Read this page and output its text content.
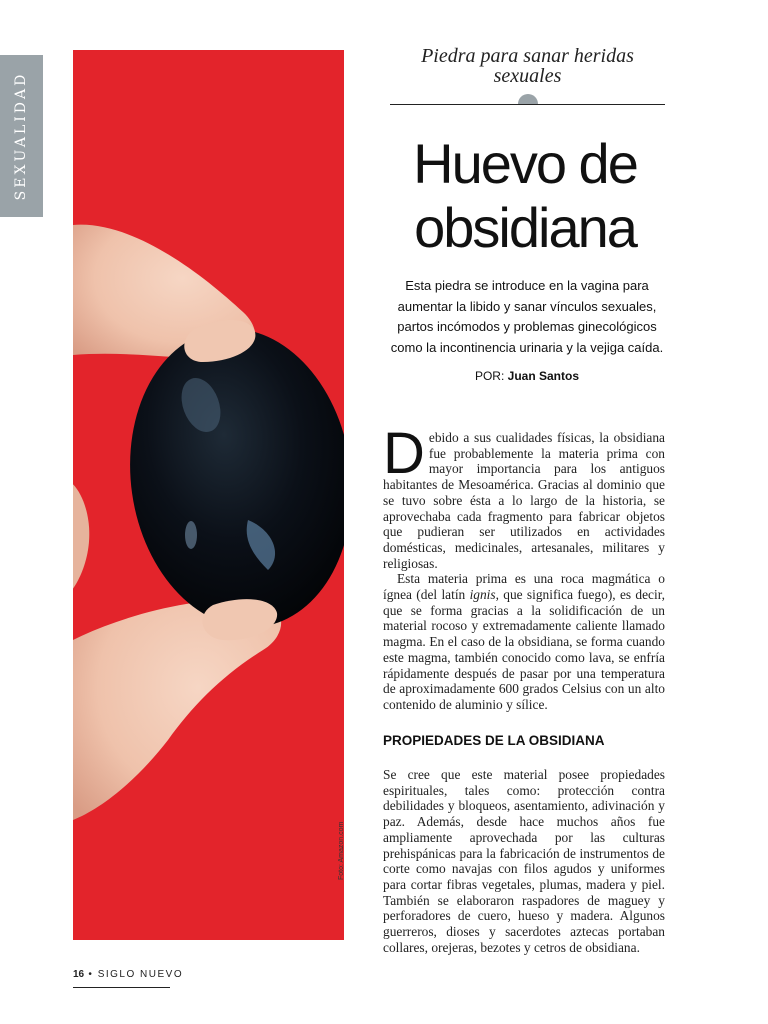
SEXUALIDAD
Foto: Amazon.com
Piedra para sanar heridas sexuales
Huevo de
obsidiana
Esta piedra se introduce en la vagina para aumentar la libido y sanar vínculos sexuales, partos incómodos y problemas ginecológicos como la incontinencia urinaria y la vejiga caída.
POR: Juan Santos

Debido a sus cualidades físicas, la obsidiana fue probablemente la materia prima con mayor importancia para los antiguos habitantes de Mesoamérica. Gracias al dominio que se tuvo sobre ésta a lo largo de la historia, se aprovechaba cada fragmento para fabricar objetos que pudieran ser utilizados en actividades domésticas, medicinales, artesanales, militares y religiosas.

Esta materia prima es una roca magmática o ígnea (del latín ignis, que significa fuego), es decir, que se forma gracias a la solidificación de un material rocoso y extremadamente caliente llamado magma. En el caso de la obsidiana, se forma cuando este magma, también conocido como lava, se enfría rápidamente después de pasar por una temperatura de aproximadamente 600 grados Celsius con un alto contenido de aluminio y sílice.

PROPIEDADES DE LA OBSIDIANA

Se cree que este material posee propiedades espirituales, tales como: protección contra debilidades y bloqueos, asentamiento, adivinación y paz. Además, desde hace muchos años fue ampliamente aprovechada por las culturas prehispánicas para la fabricación de instrumentos de corte como navajas con filos agudos y uniformes para cortar fibras vegetales, plumas, madera y piel. También se elaboraron raspadores de maguey y perforadores de cuero, hueso y madera. Algunos guerreros, dioses y sacerdotes aztecas portaban collares, orejeras, bezotes y cetros de obsidiana.

16 • SIGLO NUEVO
